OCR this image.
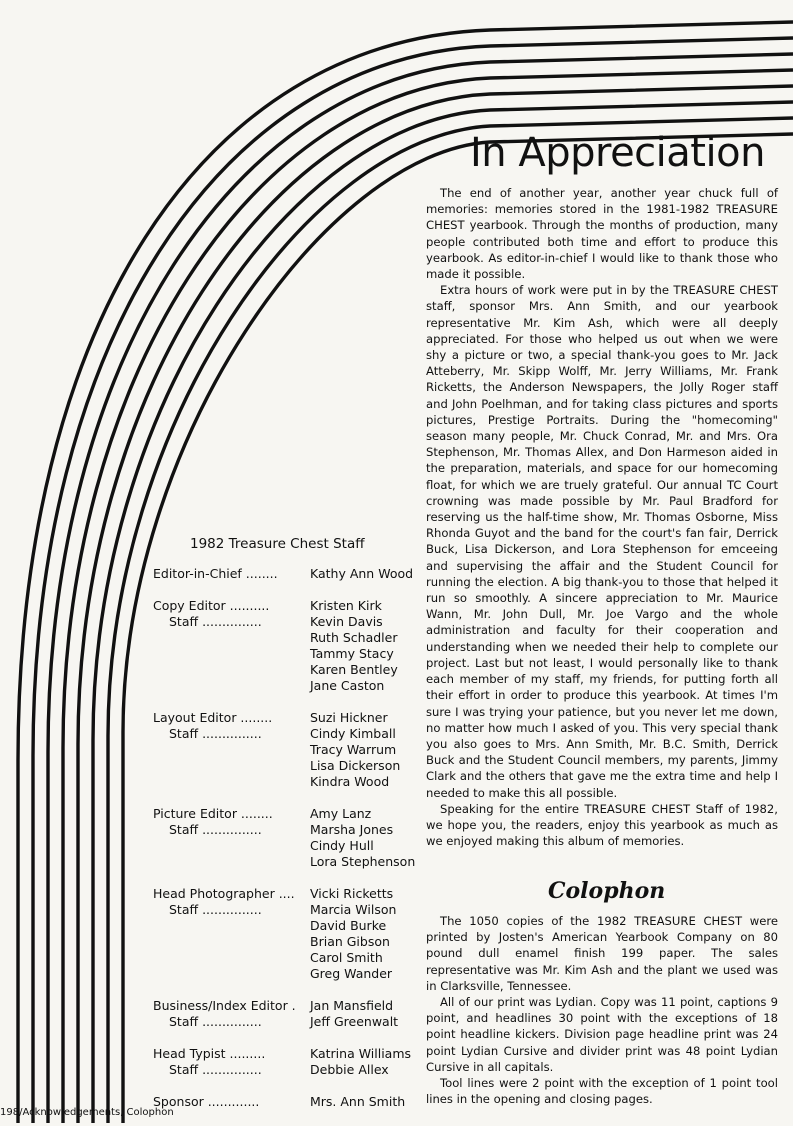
In Appreciation

The end of another year, another year chuck full of memories: memories stored in the 1981-1982 TREASURE CHEST yearbook. Through the months of production, many people contributed both time and effort to produce this yearbook. As editor-in-chief I would like to thank those who made it possible.

Extra hours of work were put in by the TREASURE CHEST staff, sponsor Mrs. Ann Smith, and our yearbook representative Mr. Kim Ash, which were all deeply appreciated. For those who helped us out when we were shy a picture or two, a special thank-you goes to Mr. Jack Atteberry, Mr. Skipp Wolff, Mr. Jerry Williams, Mr. Frank Ricketts, the Anderson Newspapers, the Jolly Roger staff and John Poelhman, and for taking class pictures and sports pictures, Prestige Portraits. During the "homecoming" season many people, Mr. Chuck Conrad, Mr. and Mrs. Ora Stephenson, Mr. Thomas Allex, and Don Harmeson aided in the preparation, materials, and space for our homecoming float, for which we are truely grateful. Our annual TC Court crowning was made possible by Mr. Paul Bradford for reserving us the half-time show, Mr. Thomas Osborne, Miss Rhonda Guyot and the band for the court's fan fair, Derrick Buck, Lisa Dickerson, and Lora Stephenson for emceeing and supervising the affair and the Student Council for running the election. A big thank-you to those that helped it run so smoothly. A sincere appreciation to Mr. Maurice Wann, Mr. John Dull, Mr. Joe Vargo and the whole administration and faculty for their cooperation and understanding when we needed their help to complete our project. Last but not least, I would personally like to thank each member of my staff, my friends, for putting forth all their effort in order to produce this yearbook. At times I'm sure I was trying your patience, but you never let me down, no matter how much I asked of you. This very special thank you also goes to Mrs. Ann Smith, Mr. B.C. Smith, Derrick Buck and the Student Council members, my parents, Jimmy Clark and the others that gave me the extra time and help I needed to make this all possible.

Speaking for the entire TREASURE CHEST Staff of 1982, we hope you, the readers, enjoy this yearbook as much as we enjoyed making this album of memories.

Colophon

The 1050 copies of the 1982 TREASURE CHEST were printed by Josten's American Yearbook Company on 80 pound dull enamel finish 199 paper. The sales representative was Mr. Kim Ash and the plant we used was in Clarksville, Tennessee.

All of our print was Lydian. Copy was 11 point, captions 9 point, and headlines 30 point with the exceptions of 18 point headline kickers. Division page headline print was 24 point Lydian Cursive and divider print was 48 point Lydian Cursive in all capitals.

Tool lines were 2 point with the exception of 1 point tool lines in the opening and closing pages.

1982 Treasure Chest Staff
Editor-in-Chief ........	Kathy Ann Wood
Copy Editor ..........	Kristen Kirk
Staff ...............	Kevin Davis
Ruth Schadler
Tammy Stacy
Karen Bentley
Jane Caston
Layout Editor ........	Suzi Hickner
Staff ...............	Cindy Kimball
Tracy Warrum
Lisa Dickerson
Kindra Wood
Picture Editor ........	Amy Lanz
Staff ...............	Marsha Jones
Cindy Hull
Lora Stephenson
Head Photographer ....	Vicki Ricketts
Staff ...............	Marcia Wilson
David Burke
Brian Gibson
Carol Smith
Greg Wander
Business/Index Editor .	Jan Mansfield
Staff ...............	Jeff Greenwalt
Head Typist .........	Katrina Williams
Staff ...............	Debbie Allex
Sponsor .............	Mrs. Ann Smith
198/Acknowledgements, Colophon
